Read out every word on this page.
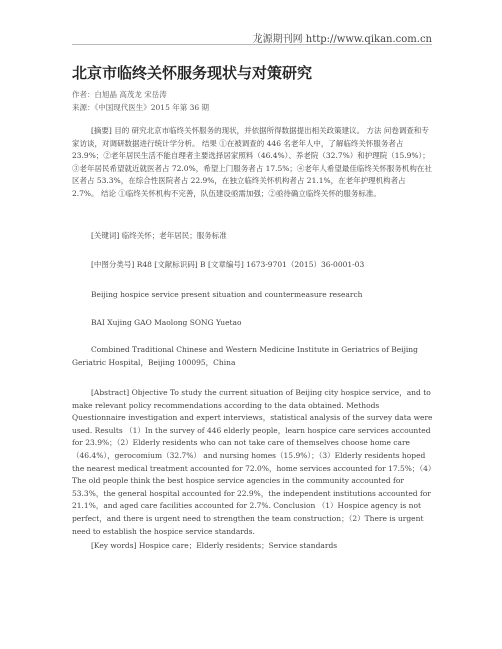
龙源期刊网 http://www.qikan.com.cn
北京市临终关怀服务现状与对策研究
作者：白旭晶 高茂龙 宋岳涛
来源：《中国现代医生》2015 年第 36 期

[摘要] 目的 研究北京市临终关怀服务的现状，并依据所得数据提出相关政策建议。 方法 问卷调查和专家访谈，对调研数据进行统计学分析。 结果 ①在被调查的 446 名老年人中，了解临终关怀服务者占 23.9%；②老年居民生活不能自理者主要选择居家照料（46.4%）、养老院（32.7%）和护理院（15.9%）；③老年居民希望就近就医者占 72.0%，希望上门服务者占 17.5%；④老年人希望最佳临终关怀服务机构在社区者占 53.3%，在综合性医院者占 22.9%，在独立临终关怀机构者占 21.1%，在老年护理机构者占 2.7%。 结论 ①临终关怀机构不完善，队伍建设亟需加强；②亟待确立临终关怀的服务标准。

[关键词] 临终关怀；老年居民；服务标准

[中图分类号] R48 [文献标识码] B [文章编号] 1673-9701（2015）36-0001-03

Beijing hospice service present situation and countermeasure research

BAI Xujing GAO Maolong SONG Yuetao

Combined Traditional Chinese and Western Medicine Institute in Geriatrics of Beijing Geriatric Hospital，Beijing 100095，China

[Abstract] Objective To study the current situation of Beijing city hospice service，and to make relevant policy recommendations according to the data obtained. Methods Questionnaire investigation and expert interviews，statistical analysis of the survey data were used. Results （1）In the survey of 446 elderly people，learn hospice care services accounted for 23.9%；（2）Elderly residents who can not take care of themselves choose home care（46.4%），gerocomium（32.7%） and nursing homes（15.9%）；（3）Elderly residents hoped the nearest medical treatment accounted for 72.0%，home services accounted for 17.5%；（4）The old people think the best hospice service agencies in the community accounted for 53.3%，the general hospital accounted for 22.9%，the independent institutions accounted for 21.1%，and aged care facilities accounted for 2.7%. Conclusion （1）Hospice agency is not perfect，and there is urgent need to strengthen the team construction；（2）There is urgent need to establish the hospice service standards.

[Key words] Hospice care；Elderly residents；Service standards
